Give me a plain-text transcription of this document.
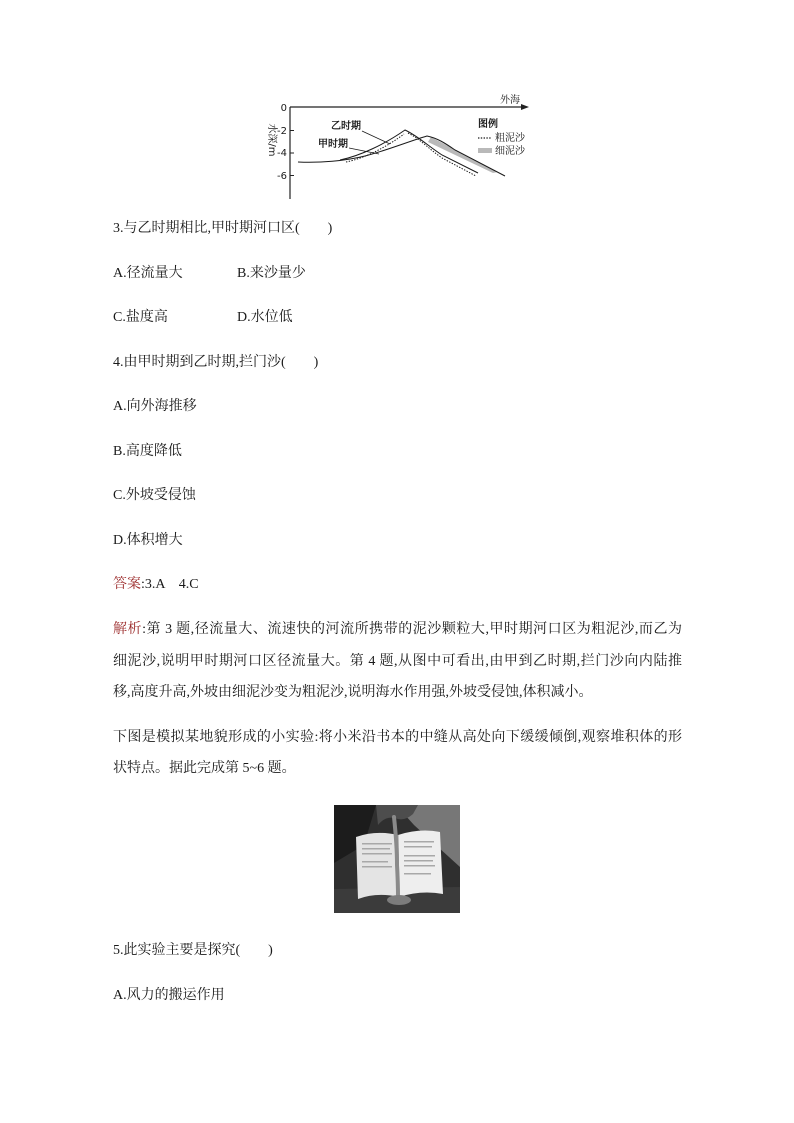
外海
0
-2
-4
-6
水深/m	乙时期
甲时期
图例
粗泥沙
细泥沙
3.与乙时期相比,甲时期河口区(　　)
A.径流量大	B.来沙量少
C.盐度高	D.水位低
4.由甲时期到乙时期,拦门沙(　　)
A.向外海推移
B.高度降低
C.外坡受侵蚀
D.体积增大
答案:3.A　4.C
解析:第 3 题,径流量大、流速快的河流所携带的泥沙颗粒大,甲时期河口区为粗泥沙,而乙为
细泥沙,说明甲时期河口区径流量大。第 4 题,从图中可看出,由甲到乙时期,拦门沙向内陆推
移,高度升高,外坡由细泥沙变为粗泥沙,说明海水作用强,外坡受侵蚀,体积减小。
下图是模拟某地貌形成的小实验:将小米沿书本的中缝从高处向下缓缓倾倒,观察堆积体的形
状特点。据此完成第 5~6 题。
5.此实验主要是探究(　　)
A.风力的搬运作用
